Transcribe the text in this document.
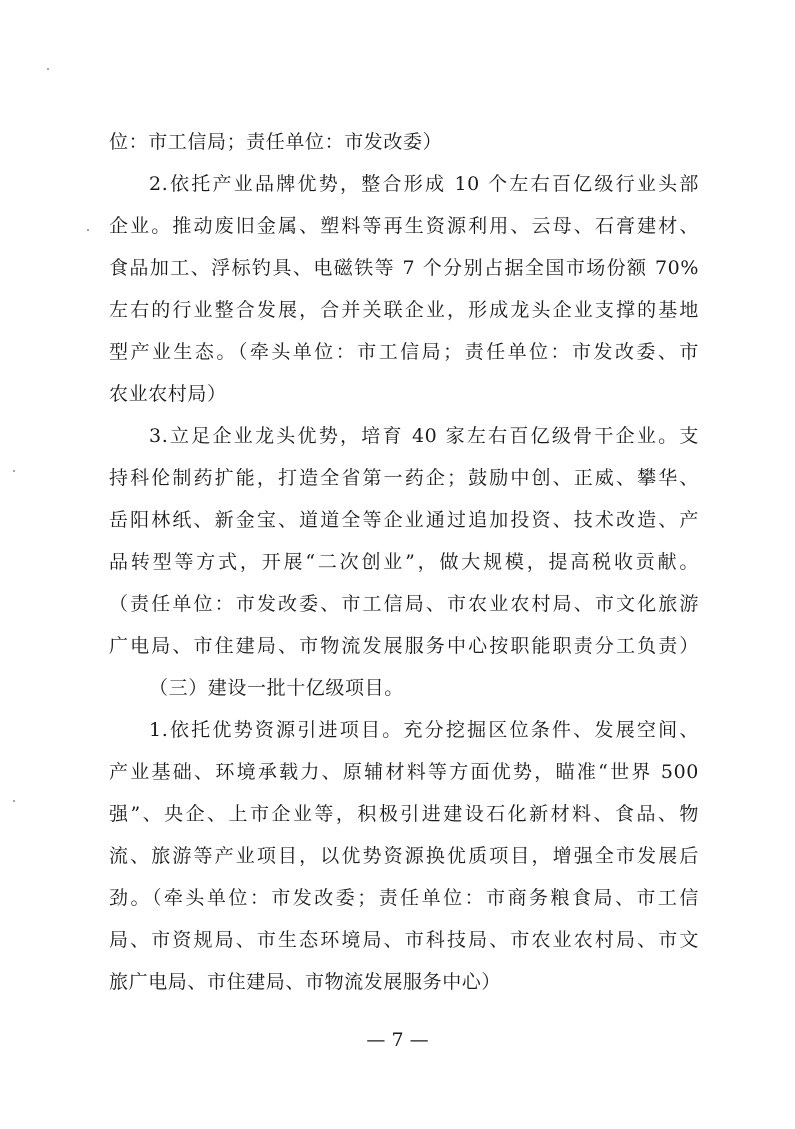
位：市工信局；责任单位：市发改委）
2.依托产业品牌优势，整合形成 10 个左右百亿级行业头部
企业。推动废旧金属、塑料等再生资源利用、云母、石膏建材、
食品加工、浮标钓具、电磁铁等 7 个分别占据全国市场份额 70%
左右的行业整合发展，合并关联企业，形成龙头企业支撑的基地
型产业生态。（牵头单位：市工信局；责任单位：市发改委、市
农业农村局）
3.立足企业龙头优势，培育 40 家左右百亿级骨干企业。支
持科伦制药扩能，打造全省第一药企；鼓励中创、正威、攀华、
岳阳林纸、新金宝、道道全等企业通过追加投资、技术改造、产
品转型等方式，开展“二次创业”，做大规模，提高税收贡献。
（责任单位：市发改委、市工信局、市农业农村局、市文化旅游
广电局、市住建局、市物流发展服务中心按职能职责分工负责）
（三）建设一批十亿级项目。
1.依托优势资源引进项目。充分挖掘区位条件、发展空间、
产业基础、环境承载力、原辅材料等方面优势，瞄准“世界 500
强”、央企、上市企业等，积极引进建设石化新材料、食品、物
流、旅游等产业项目，以优势资源换优质项目，增强全市发展后
劲。（牵头单位：市发改委；责任单位：市商务粮食局、市工信
局、市资规局、市生态环境局、市科技局、市农业农村局、市文
旅广电局、市住建局、市物流发展服务中心）
— 7 —
